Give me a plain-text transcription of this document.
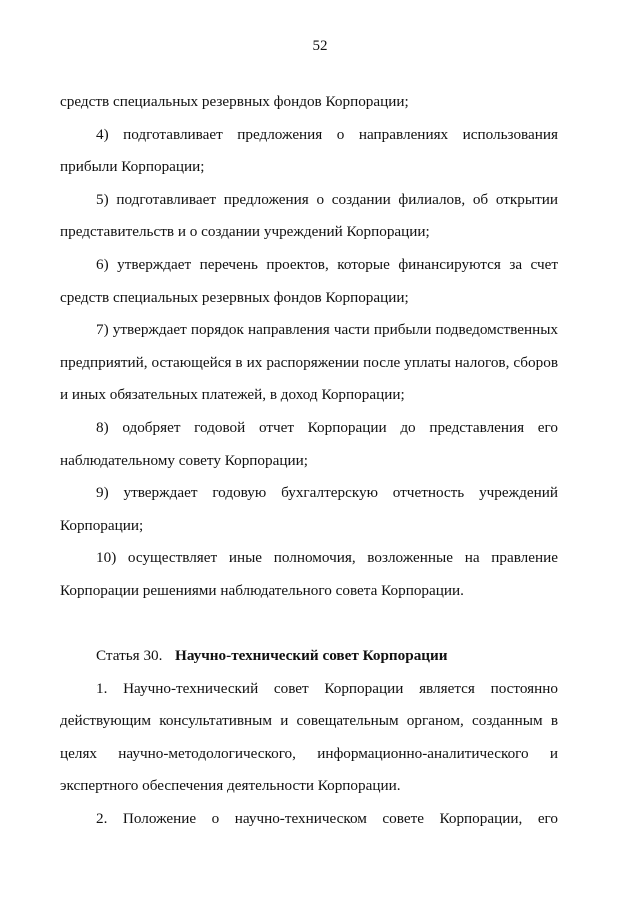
52
средств специальных резервных фондов Корпорации;
4) подготавливает предложения о направлениях использования
прибыли Корпорации;
5) подготавливает предложения о создании филиалов, об открытии
представительств и о создании учреждений Корпорации;
6) утверждает перечень проектов, которые финансируются за счет
средств специальных резервных фондов Корпорации;
7) утверждает порядок направления части прибыли подведомственных
предприятий, остающейся в их распоряжении после уплаты налогов, сборов
и иных обязательных платежей, в доход Корпорации;
8) одобряет годовой отчет Корпорации до представления его
наблюдательному совету Корпорации;
9) утверждает годовую бухгалтерскую отчетность учреждений
Корпорации;
10) осуществляет иные полномочия, возложенные на правление
Корпорации решениями наблюдательного совета Корпорации.
Статья 30. Научно-технический совет Корпорации
1. Научно-технический совет Корпорации является постоянно
действующим консультативным и совещательным органом, созданным в
целях научно-методологического, информационно-аналитического и
экспертного обеспечения деятельности Корпорации.
2. Положение о научно-техническом совете Корпорации, его
